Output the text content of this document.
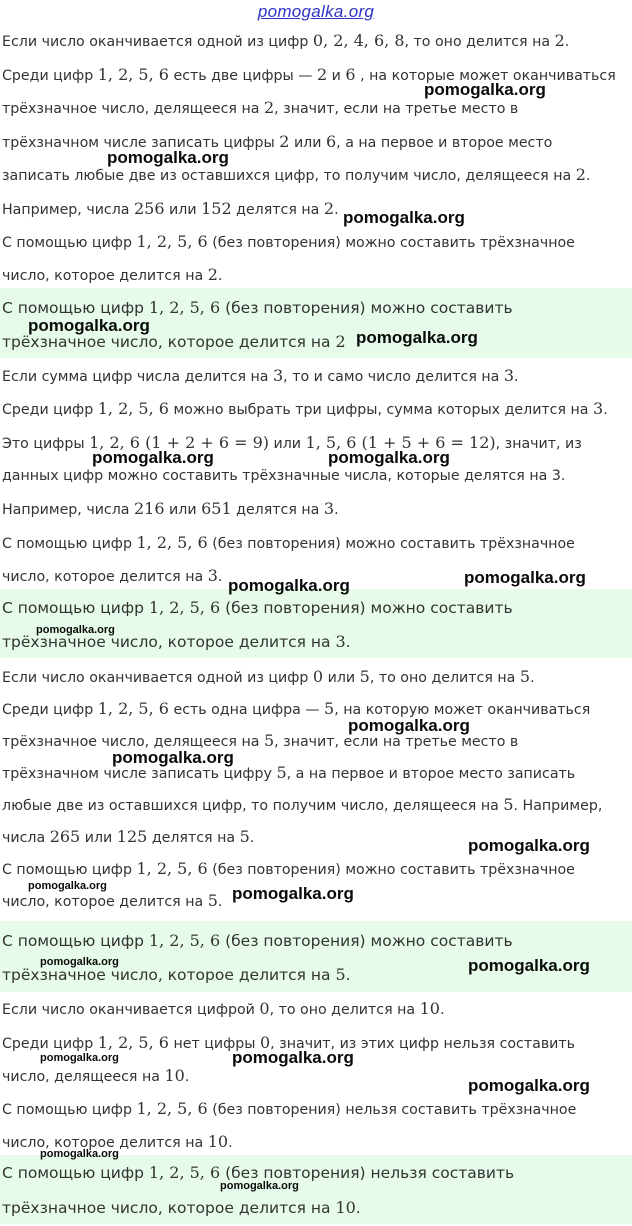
pomogalka.org
Если число оканчивается одной из цифр 0, 2, 4, 6, 8, то оно делится на 2.
Среди цифр 1, 2, 5, 6 есть две цифры — 2 и 6 , на которые может оканчиваться
трёхзначное число, делящееся на 2, значит, если на третье место в
трёхзначном числе записать цифры 2 или 6, а на первое и второе место
записать любые две из оставшихся цифр, то получим число, делящееся на 2.
Например, числа 256 или 152 делятся на 2.
С помощью цифр 1, 2, 5, 6 (без повторения) можно составить трёхзначное
число, которое делится на 2.
С помощью цифр 1, 2, 5, 6 (без повторения) можно составить
трёхзначное число, которое делится на 2
Если сумма цифр числа делится на 3, то и само число делится на 3.
Среди цифр 1, 2, 5, 6 можно выбрать три цифры, сумма которых делится на 3.
Это цифры 1, 2, 6 (1 + 2 + 6 = 9) или 1, 5, 6 (1 + 5 + 6 = 12), значит, из
данных цифр можно составить трёхзначные числа, которые делятся на 3.
Например, числа 216 или 651 делятся на 3.
С помощью цифр 1, 2, 5, 6 (без повторения) можно составить трёхзначное
число, которое делится на 3.
С помощью цифр 1, 2, 5, 6 (без повторения) можно составить
трёхзначное число, которое делится на 3.
Если число оканчивается одной из цифр 0 или 5, то оно делится на 5.
Среди цифр 1, 2, 5, 6 есть одна цифра — 5, на которую может оканчиваться
трёхзначное число, делящееся на 5, значит, если на третье место в
трёхзначном числе записать цифру 5, а на первое и второе место записать
любые две из оставшихся цифр, то получим число, делящееся на 5. Например,
числа 265 или 125 делятся на 5.
С помощью цифр 1, 2, 5, 6 (без повторения) можно составить трёхзначное
число, которое делится на 5.
С помощью цифр 1, 2, 5, 6 (без повторения) можно составить
трёхзначное число, которое делится на 5.
Если число оканчивается цифрой 0, то оно делится на 10.
Среди цифр 1, 2, 5, 6 нет цифры 0, значит, из этих цифр нельзя составить
число, делящееся на 10.
С помощью цифр 1, 2, 5, 6 (без повторения) нельзя составить трёхзначное
число, которое делится на 10.
С помощью цифр 1, 2, 5, 6 (без повторения) нельзя составить
трёхзначное число, которое делится на 10.
pomogalka.org
pomogalka.org
pomogalka.org
pomogalka.org
pomogalka.org
pomogalka.org	pomogalka.org
pomogalka.org	pomogalka.org
pomogalka.org
pomogalka.org
pomogalka.org
pomogalka.org
pomogalka.org	pomogalka.org
pomogalka.org	pomogalka.org
pomogalka.org	pomogalka.org
pomogalka.org
pomogalka.org
pomogalka.org
